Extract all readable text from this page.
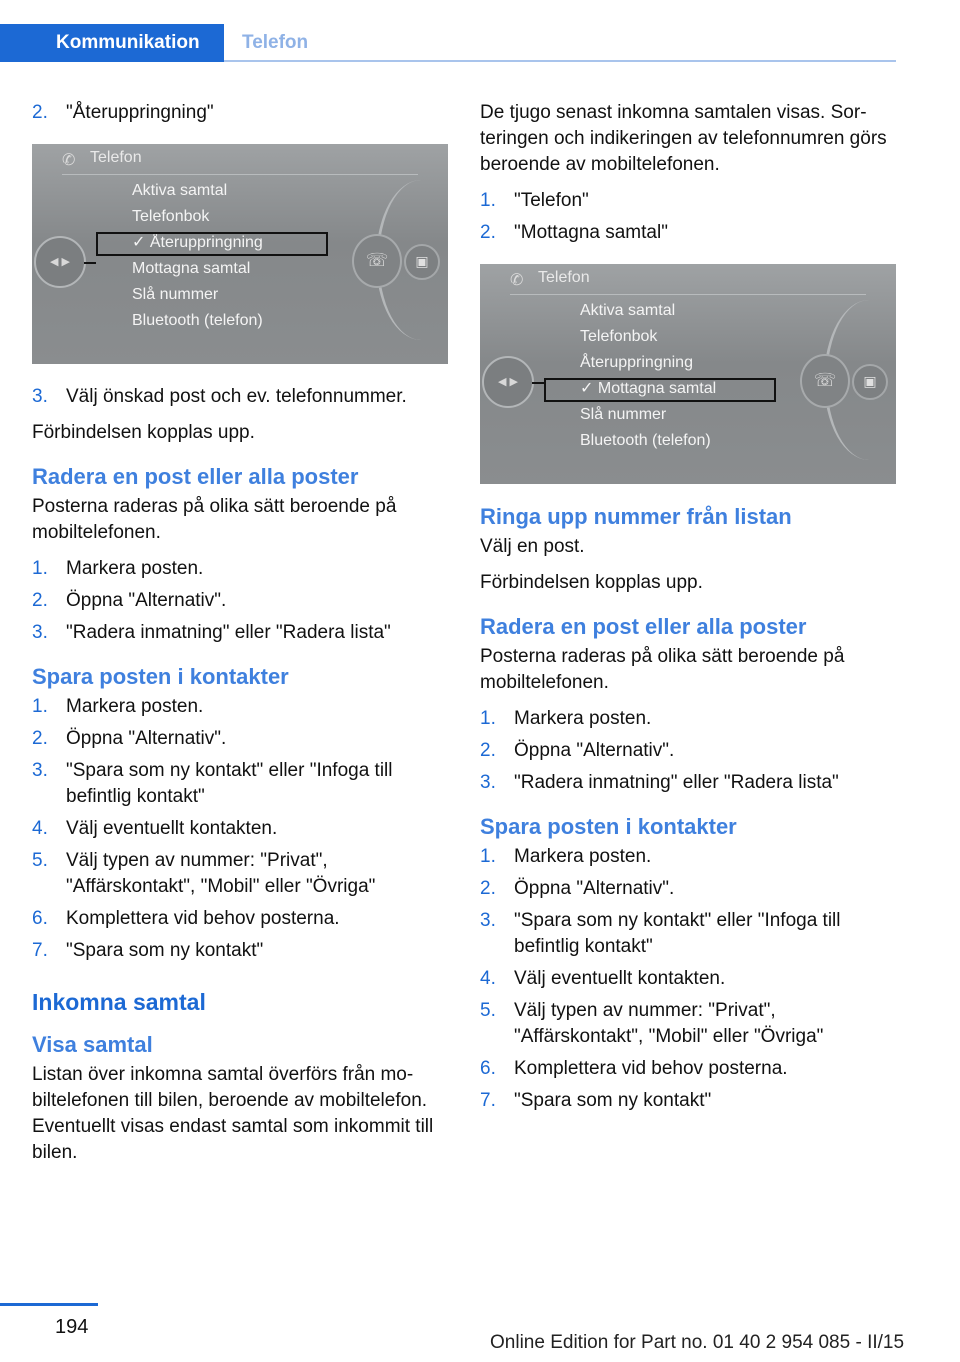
Kommunikation	Telefon
2. "Återuppringning"
✆ Telefon
◀ ▶
Aktiva samtal
Telefonbok
✓ Återuppringning
Mottagna samtal
Slå nummer
Bluetooth (telefon)
☏	▣
3. Välj önskad post och ev. telefonnummer.

Förbindelsen kopplas upp.

Radera en post eller alla poster

Posterna raderas på olika sätt beroende på mobiltelefonen.

1. Markera posten.
2. Öppna "Alternativ".
3. "Radera inmatning" eller "Radera lista"
Spara posten i kontakter
1. Markera posten.
2. Öppna "Alternativ".
3. "Spara som ny kontakt" eller "Infoga till befintlig kontakt"
4. Välj eventuellt kontakten.
5. Välj typen av nummer: "Privat", "Affärskontakt", "Mobil" eller "Övriga"
6. Komplettera vid behov posterna.
7. "Spara som ny kontakt"
Inkomna samtal
Visa samtal

Listan över inkomna samtal överförs från mobiltelefonen till bilen, beroende av mobiltelefon. Eventuellt visas endast samtal som inkommit till bilen.

De tjugo senast inkomna samtalen visas. Sorteringen och indikeringen av telefonnumren görs beroende av mobiltelefonen.

1. "Telefon"
2. "Mottagna samtal"
✆ Telefon
◀ ▶
Aktiva samtal
Telefonbok
Återuppringning
✓ Mottagna samtal
Slå nummer
Bluetooth (telefon)
☏	▣
Ringa upp nummer från listan

Välj en post.

Förbindelsen kopplas upp.

Radera en post eller alla poster

Posterna raderas på olika sätt beroende på mobiltelefonen.

1. Markera posten.
2. Öppna "Alternativ".
3. "Radera inmatning" eller "Radera lista"
Spara posten i kontakter
1. Markera posten.
2. Öppna "Alternativ".
3. "Spara som ny kontakt" eller "Infoga till befintlig kontakt"
4. Välj eventuellt kontakten.
5. Välj typen av nummer: "Privat", "Affärskontakt", "Mobil" eller "Övriga"
6. Komplettera vid behov posterna.
7. "Spara som ny kontakt"
194
Online Edition for Part no. 01 40 2 954 085 - II/15
